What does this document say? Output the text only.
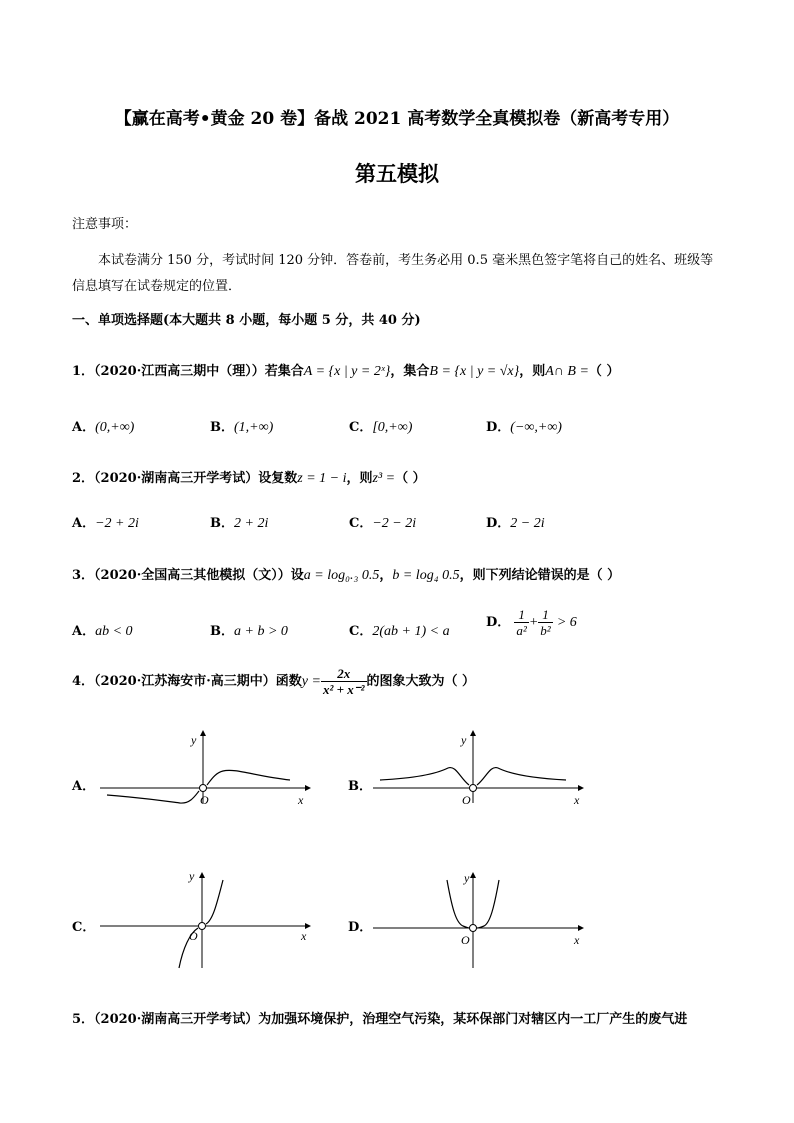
【赢在高考•黄金 20 卷】备战 2021 高考数学全真模拟卷（新高考专用）
第五模拟
注意事项：
本试卷满分 150 分，考试时间 120 分钟．答卷前，考生务必用 0.5 毫米黑色签字笔将自己的姓名、班级等信息填写在试卷规定的位置．
一、单项选择题(本大题共 8 小题，每小题 5 分，共 40 分)
1．（2020·江西高三期中（理））若集合A = {x | y = 2ˣ}，集合B = {x | y = √x}，则A∩ B =（ ）
A．(0,+∞)	B．(1,+∞)	C．[0,+∞)	D．(−∞,+∞)
2．（2020·湖南高三开学考试）设复数z = 1 − i，则z³ =（ ）
A．−2 + 2i	B．2 + 2i	C．−2 − 2i	D．2 − 2i
3．（2020·全国高三其他模拟（文））设a = log₀.₃ 0.5，b = log₄ 0.5，则下列结论错误的是（ ）
A．ab < 0	B．a + b > 0	C．2(ab + 1) < a
D． $\frac{1}{\text{a²}} + \frac{1}{\text{b²}} > 6$
4．（2020·江苏海安市·高三期中）函数$y = \frac{2x}{\text{x² + x⁻²}}$ 的图象大致为（ ）
A．	B．
C．	D．
y
x
O
y
x
O
y
x
O
y
x
O
5．（2020·湖南高三开学考试）为加强环境保护，治理空气污染，某环保部门对辖区内一工厂产生的废气进
